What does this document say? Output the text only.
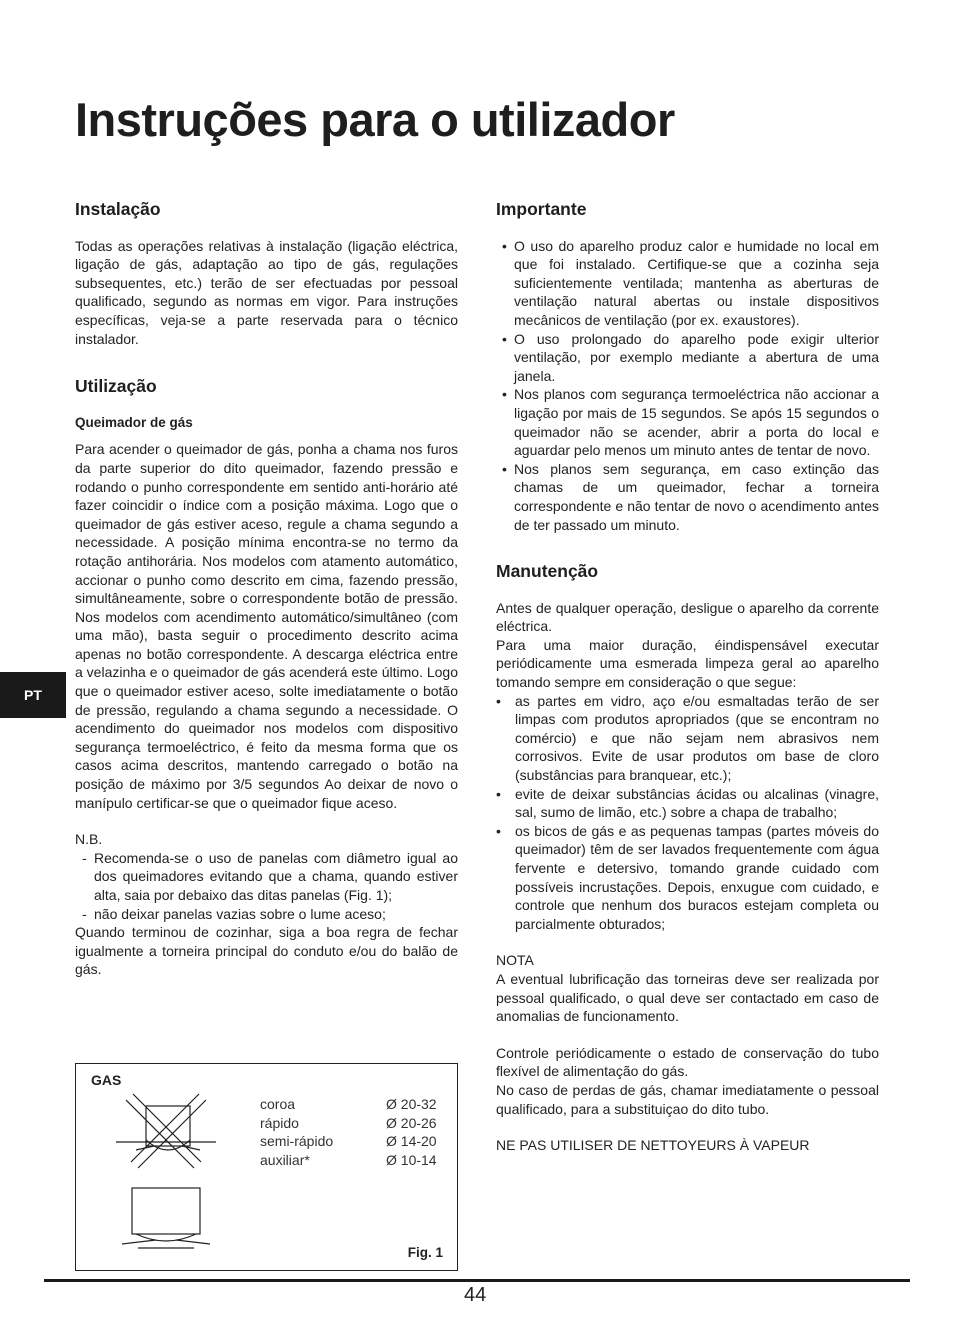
Instruções para o utilizador
PT
Instalação

Todas as operações relativas à instalação (ligação eléctrica, ligação de gás, adaptação ao tipo de gás, regulações subsequentes, etc.) terão de ser efectuadas por pessoal qualificado, segundo as normas em vigor. Para instruções específicas, veja-se a parte reservada para o técnico instalador.

Utilização
Queimador de gás

Para acender o queimador de gás, ponha a chama nos furos da parte superior do dito queimador, fazendo pressão e rodando o punho correspondente em sentido anti-horário até fazer coincidir o índice com a posição máxima. Logo que o queimador de gás estiver aceso, regule a chama segundo a necessidade. A posição mínima encontra-se no termo da rotação antihorária. Nos modelos com atamento automático, accionar o punho como descrito em cima, fazendo pressão, simultâneamente, sobre o correspondente botão de pressão. Nos modelos com acendimento automático/simultâneo (com uma mão), basta seguir o procedimento descrito acima apenas no botão correspondente. A descarga eléctrica entre a velazinha e o queimador de gás acenderá este último. Logo que o queimador estiver aceso, solte imediatamente o botão de pressão, regulando a chama segundo a necessidade. O acendimento do queimador nos modelos com dispositivo segurança termoeléctrico, é feito da mesma forma que os casos acima descritos, mantendo carregado o botão na posição de máximo por 3/5 segundos Ao deixar de novo o manípulo certificar-se que o queimador fique aceso.

N.B.

- Recomenda-se o uso de panelas com diâmetro igual ao dos queimadores evitando que a chama, quando estiver alta, saia por debaixo das ditas panelas (Fig. 1);
- não deixar panelas vazias sobre o lume aceso;

Quando terminou de cozinhar, siga a boa regra de fechar igualmente a torneira principal do conduto e/ou do balão de gás.

GAS
coroa	Ø 20-32
rápido	Ø 20-26
semi-rápido	Ø 14-20
auxiliar*	Ø 10-14
Fig. 1
Importante
• O uso do aparelho produz calor e humidade no local em que foi instalado. Certifique-se que a cozinha seja suficientemente ventilada; mantenha as aberturas de ventilação natural abertas ou instale dispositivos mecânicos de ventilação (por ex. exaustores).
• O uso prolongado do aparelho pode exigir ulterior ventilação, por exemplo mediante a abertura de uma janela.
• Nos planos com segurança termoeléctrica não accionar a ligação por mais de 15 segundos. Se após 15 segundos o queimador não se acender, abrir a porta do local e aguardar pelo menos um minuto antes de tentar de novo.
• Nos planos sem segurança, em caso extinção das chamas de um queimador, fechar a torneira correspondente e não tentar de novo o acendimento antes de ter passado um minuto.
Manutenção

Antes de qualquer operação, desligue o aparelho da corrente eléctrica.

Para uma maior duração, éindispensável executar periódicamente uma esmerada limpeza geral ao aparelho tomando sempre em consideração o que segue:

• as partes em vidro, aço e/ou esmaltadas terão de ser limpas com produtos apropriados (que se encontram no comércio) e que não sejam nem abrasivos nem corrosivos. Evite de usar produtos om base de cloro (substâncias para branquear, etc.);
• evite de deixar substâncias ácidas ou alcalinas (vinagre, sal, sumo de limão, etc.) sobre a chapa de trabalho;
• os bicos de gás e as pequenas tampas (partes móveis do queimador) têm de ser lavados frequentemente com água fervente e detersivo, tomando grande cuidado com possíveis incrustações. Depois, enxugue com cuidado, e controle que nenhum dos buracos estejam completa ou parcialmente obturados;

NOTA

A eventual lubrificação das torneiras deve ser realizada por pessoal qualificado, o qual deve ser contactado em caso de anomalias de funcionamento.

Controle periódicamente o estado de conservação do tubo flexível de alimentação do gás.

No caso de perdas de gás, chamar imediatamente o pessoal qualificado, para a substituiçao do dito tubo.

NE PAS UTILISER DE NETTOYEURS À VAPEUR

44
